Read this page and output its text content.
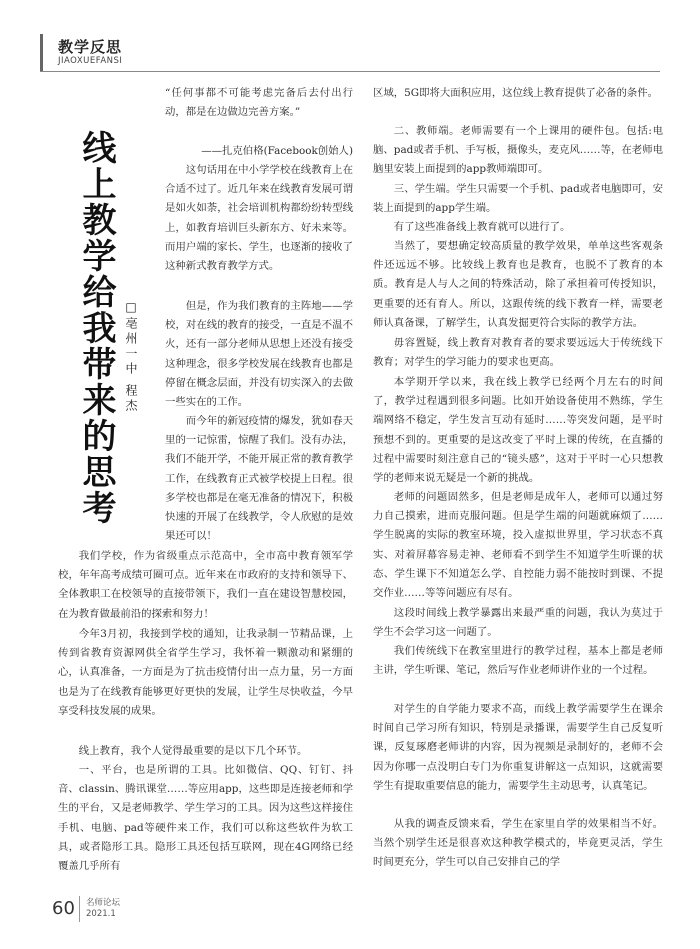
教学反思
JIAOXUEFANSI
线上教学给我带来的思考 □亳州一中 程杰

“任何事都不可能考虑完备后去付出行动，都是在边做边完善方案。”

——扎克伯格(Facebook创始人)

这句话用在中小学学校在线教育上在合适不过了。近几年来在线教育发展可谓是如火如荼，社会培训机构都纷纷转型线上，如教育培训巨头新东方、好未来等。而用户端的家长、学生，也逐渐的接收了这种新式教育教学方式。

但是，作为我们教育的主阵地——学校，对在线的教育的接受，一直是不温不火，还有一部分老师从思想上还没有接受这种理念，很多学校发展在线教育也都是停留在概念层面，并没有切实深入的去做一些实在的工作。

而今年的新冠疫情的爆发，犹如春天里的一记惊雷，惊醒了我们。没有办法，我们不能开学，不能开展正常的教育教学工作，在线教育正式被学校提上日程。很多学校也都是在毫无准备的情况下，积极快速的开展了在线教学，令人欣慰的是效果还可以！

我们学校，作为省级重点示范高中，全市高中教育领军学校，年年高考成绩可圈可点。近年来在市政府的支持和领导下、全体教职工在校领导的直接带领下，我们一直在建设智慧校园，在为教育做最前沿的探索和努力！

今年3月初，我接到学校的通知，让我录制一节精品课，上传到省教育资源网供全省学生学习，我怀着一颗激动和紧绷的心，认真准备，一方面是为了抗击疫情付出一点力量，另一方面也是为了在线教育能够更好更快的发展，让学生尽快收益，今早享受科技发展的成果。

线上教育，我个人觉得最重要的是以下几个环节。

一、平台，也是所谓的工具。比如微信、QQ、钉钉、抖音、classin、腾讯课堂……等应用app，这些即是连接老师和学生的平台，又是老师教学、学生学习的工具。因为这些这样接住手机、电脑、pad等硬件来工作，我们可以称这些软件为软工具，或者隐形工具。隐形工具还包括互联网，现在4G网络已经覆盖几乎所有

区域，5G即将大面积应用，这位线上教育提供了必备的条件。

二、教师端。老师需要有一个上课用的硬件包。包括:电脑、pad或者手机、手写板，摄像头，麦克风……等，在老师电脑里安装上面提到的app教师端即可。

三、学生端。学生只需要一个手机、pad或者电脑即可，安装上面提到的app学生端。

有了这些准备线上教育就可以进行了。

当然了，要想确定较高质量的教学效果，单单这些客观条件还远远不够。比较线上教育也是教育，也脱不了教育的本质。教育是人与人之间的特殊活动，除了承担着可传授知识，更重要的还有育人。所以，这跟传统的线下教育一样，需要老师认真备课，了解学生，认真发掘更符合实际的教学方法。

毋容置疑，线上教育对教育者的要求要远远大于传统线下教育；对学生的学习能力的要求也更高。

本学期开学以来，我在线上教学已经两个月左右的时间了，教学过程遇到很多问题。比如开始设备使用不熟练，学生端网络不稳定，学生发言互动有延时……等突发问题，是平时预想不到的。更重要的是这改变了平时上课的传统，在直播的过程中需要时刻注意自己的“镜头感”，这对于平时一心只想教学的老师来说无疑是一个新的挑战。

老师的问题固然多，但是老师是成年人，老师可以通过努力自己摸索，进而克服问题。但是学生端的问题就麻烦了……学生脱离的实际的教室环境，投入虚拟世界里，学习状态不真实、对着屏幕容易走神、老师看不到学生不知道学生听课的状态、学生课下不知道怎么学、自控能力弱不能按时到课、不提交作业……等等问题应有尽有。

这段时间线上教学暴露出来最严重的问题，我认为莫过于学生不会学习这一问题了。

我们传统线下在教室里进行的教学过程，基本上都是老师主讲，学生听课、笔记，然后写作业老师讲作业的一个过程。

对学生的自学能力要求不高，而线上教学需要学生在课余时间自己学习所有知识，特别是录播课，需要学生自己反复听课，反复琢磨老师讲的内容，因为视频是录制好的，老师不会因为你哪一点没明白专门为你重复讲解这一点知识，这就需要学生有提取重要信息的能力，需要学生主动思考，认真笔记。

从我的调查反馈来看，学生在家里自学的效果相当不好。当然个别学生还是很喜欢这种教学模式的，毕竟更灵活，学生时间更充分，学生可以自己安排自己的学

60 名师论坛
2021.1
